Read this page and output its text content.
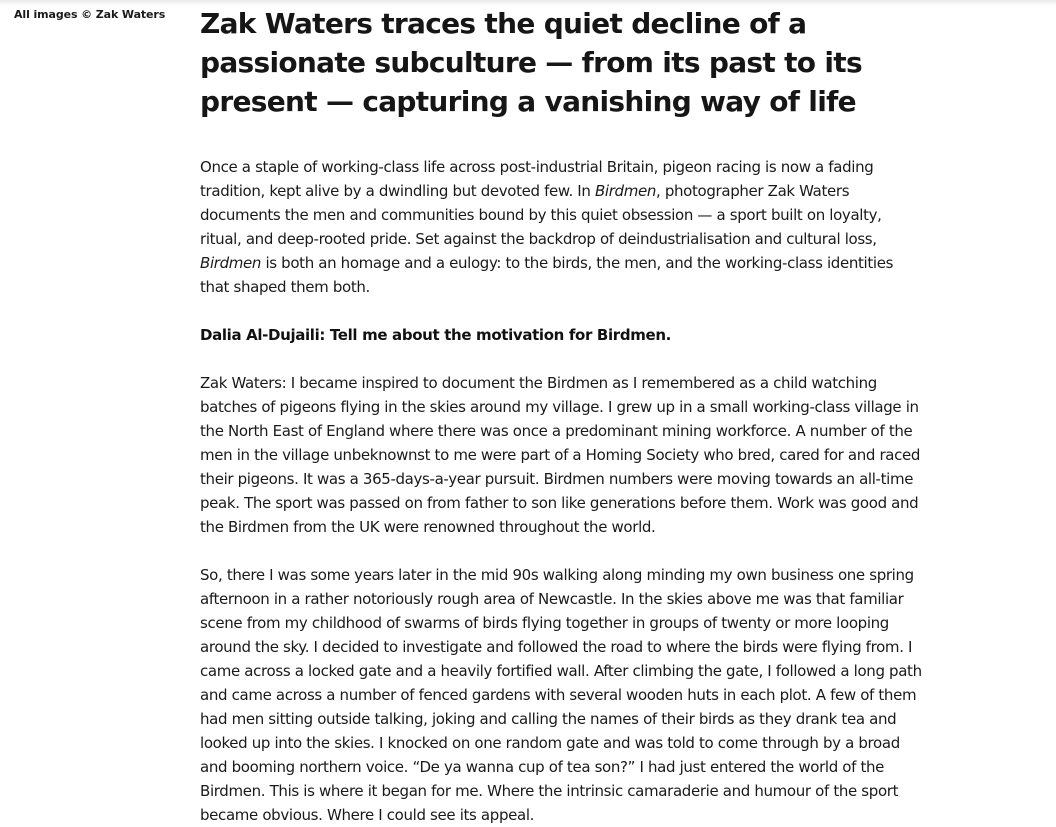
All images © Zak Waters Zak Waters traces the quiet decline of a passionate subculture — from its past to its present — capturing a vanishing way of life

Once a staple of working-class life across post-industrial Britain, pigeon racing is now a fading tradition, kept alive by a dwindling but devoted few. In Birdmen, photographer Zak Waters documents the men and communities bound by this quiet obsession — a sport built on loyalty, ritual, and deep-rooted pride. Set against the backdrop of deindustrialisation and cultural loss, Birdmen is both an homage and a eulogy: to the birds, the men, and the working-class identities that shaped them both.

Dalia Al-Dujaili: Tell me about the motivation for Birdmen.

Zak Waters: I became inspired to document the Birdmen as I remembered as a child watching batches of pigeons flying in the skies around my village. I grew up in a small working-class village in the North East of England where there was once a predominant mining workforce. A number of the men in the village unbeknownst to me were part of a Homing Society who bred, cared for and raced their pigeons. It was a 365-days-a-year pursuit. Birdmen numbers were moving towards an all-time peak. The sport was passed on from father to son like generations before them. Work was good and the Birdmen from the UK were renowned throughout the world.

So, there I was some years later in the mid 90s walking along minding my own business one spring afternoon in a rather notoriously rough area of Newcastle. In the skies above me was that familiar scene from my childhood of swarms of birds flying together in groups of twenty or more looping around the sky. I decided to investigate and followed the road to where the birds were flying from. I came across a locked gate and a heavily fortified wall. After climbing the gate, I followed a long path and came across a number of fenced gardens with several wooden huts in each plot. A few of them had men sitting outside talking, joking and calling the names of their birds as they drank tea and looked up into the skies. I knocked on one random gate and was told to come through by a broad and booming northern voice. “De ya wanna cup of tea son?” I had just entered the world of the Birdmen. This is where it began for me. Where the intrinsic camaraderie and humour of the sport became obvious. Where I could see its appeal.
